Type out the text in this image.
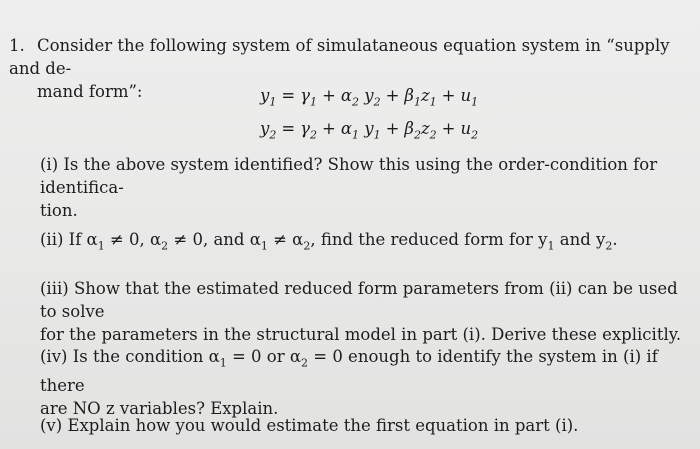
1. Consider the following system of simulataneous equation system in “supply and de-
mand form”:	$y_1 = \gamma_1 + \alpha_2$ $y_2 + \beta_1z_1 + u_1$
$y_2 = \gamma_2 + \alpha_1$ $y_1 + \beta_2z_2 + u_2$
(i) Is the above system identified? Show this using the order-condition for identifica-
tion.
(ii) If $\alpha_1 \ne 0$, $\alpha_2 \ne 0$, and $\alpha_1 \ne \alpha_2$, find the reduced form for $y_1$ and $y_2$.
(iii) Show that the estimated reduced form parameters from (ii) can be used to solve
for the parameters in the structural model in part (i). Derive these explicitly.
(iv) Is the condition $\alpha_1 = 0$ or $\alpha_2 = 0$ enough to identify the system in (i) if there
are NO z variables? Explain.
(v) Explain how you would estimate the first equation in part (i).
